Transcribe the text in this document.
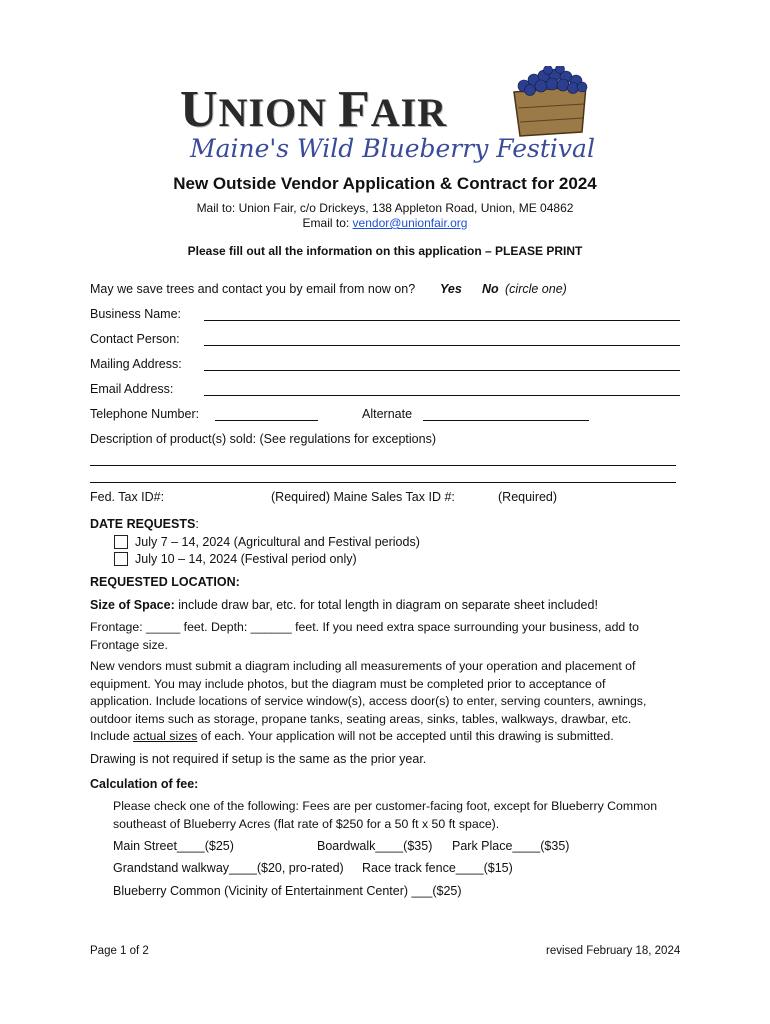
UNION FAIR
Maine's Wild Blueberry Festival
New Outside Vendor Application & Contract for 2024
Mail to: Union Fair, c/o Drickeys, 138 Appleton Road, Union, ME 04862
Email to: vendor@unionfair.org
Please fill out all the information on this application – PLEASE PRINT
May we save trees and contact you by email from now on? Yes No (circle one)
Business Name:
Contact Person:
Mailing Address:
Email Address:
Telephone Number:	Alternate
Description of product(s) sold: (See regulations for exceptions)
Fed. Tax ID#:	(Required) Maine Sales Tax ID #:	(Required)
DATE REQUESTS:
July 7 – 14, 2024 (Agricultural and Festival periods)
July 10 – 14, 2024 (Festival period only)
REQUESTED LOCATION:
Size of Space: include draw bar, etc. for total length in diagram on separate sheet included!
Frontage: _____ feet. Depth: ______ feet. If you need extra space surrounding your business, add to
Frontage size.
New vendors must submit a diagram including all measurements of your operation and placement of
equipment. You may include photos, but the diagram must be completed prior to acceptance of
application. Include locations of service window(s), access door(s) to enter, serving counters, awnings,
outdoor items such as storage, propane tanks, seating areas, sinks, tables, walkways, drawbar, etc.
Include actual sizes of each. Your application will not be accepted until this drawing is submitted.
Drawing is not required if setup is the same as the prior year.
Calculation of fee:
Please check one of the following: Fees are per customer-facing foot, except for Blueberry Common
southeast of Blueberry Acres (flat rate of $250 for a 50 ft x 50 ft space).
Main Street____($25)	Boardwalk____($35) Park Place____($35)
Grandstand walkway____($20, pro-rated) Race track fence____($15)
Blueberry Common (Vicinity of Entertainment Center) ___($25)
Page 1 of 2	revised February 18, 2024
